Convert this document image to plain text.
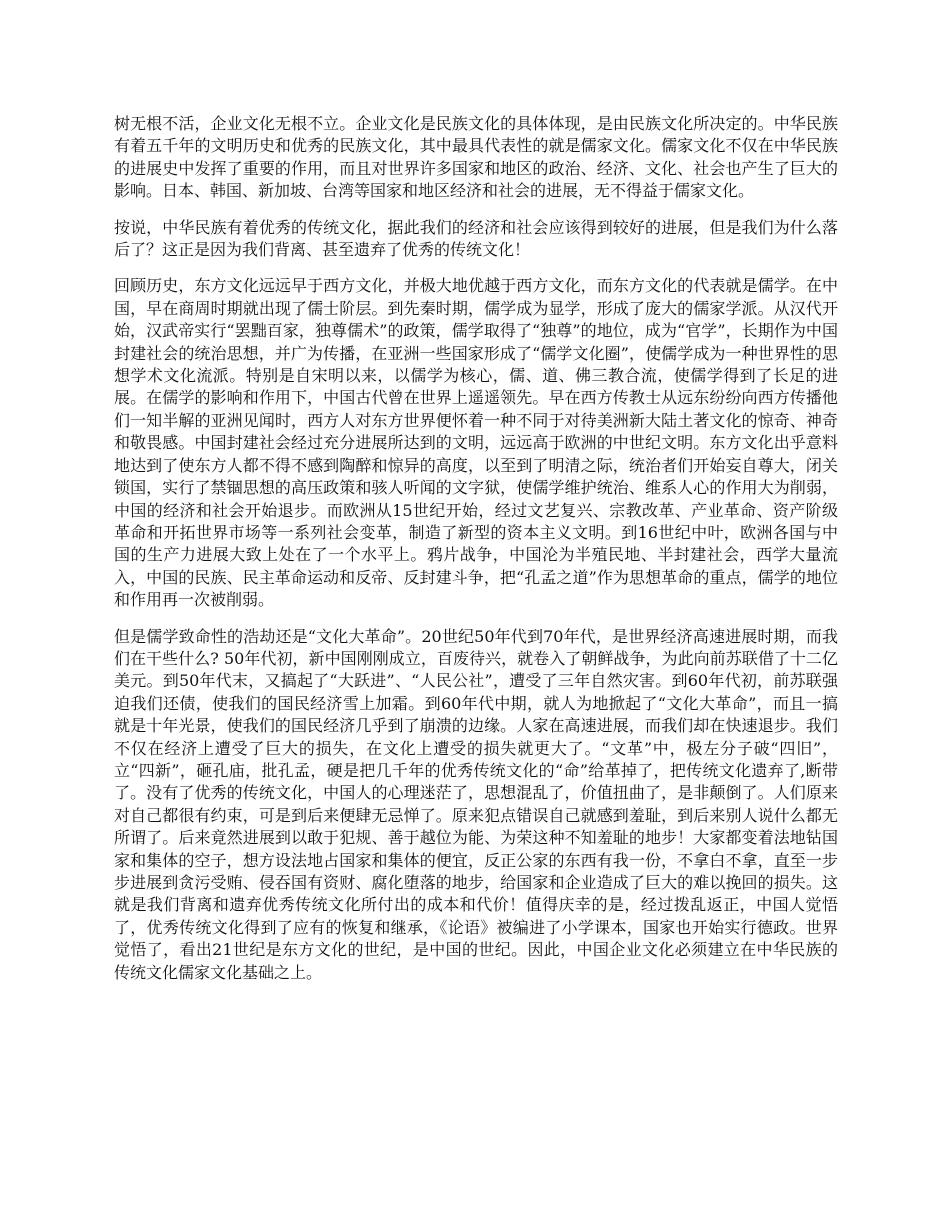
树无根不活，企业文化无根不立。企业文化是民族文化的具体体现，是由民族文化所决定的。中华民族有着五千年的文明历史和优秀的民族文化，其中最具代表性的就是儒家文化。儒家文化不仅在中华民族的进展史中发挥了重要的作用，而且对世界许多国家和地区的政治、经济、文化、社会也产生了巨大的影响。日本、韩国、新加坡、台湾等国家和地区经济和社会的进展，无不得益于儒家文化。

按说，中华民族有着优秀的传统文化，据此我们的经济和社会应该得到较好的进展，但是我们为什么落后了？这正是因为我们背离、甚至遗弃了优秀的传统文化！

回顾历史，东方文化远远早于西方文化，并极大地优越于西方文化，而东方文化的代表就是儒学。在中国，早在商周时期就出现了儒士阶层。到先秦时期，儒学成为显学，形成了庞大的儒家学派。从汉代开始，汉武帝实行“罢黜百家，独尊儒术”的政策，儒学取得了“独尊”的地位，成为“官学”，长期作为中国封建社会的统治思想，并广为传播，在亚洲一些国家形成了“儒学文化圈”，使儒学成为一种世界性的思想学术文化流派。特别是自宋明以来，以儒学为核心，儒、道、佛三教合流，使儒学得到了长足的进展。在儒学的影响和作用下，中国古代曾在世界上遥遥领先。早在西方传教士从远东纷纷向西方传播他们一知半解的亚洲见闻时，西方人对东方世界便怀着一种不同于对待美洲新大陆土著文化的惊奇、神奇和敬畏感。中国封建社会经过充分进展所达到的文明，远远高于欧洲的中世纪文明。东方文化出乎意料地达到了使东方人都不得不感到陶醉和惊异的高度，以至到了明清之际，统治者们开始妄自尊大，闭关锁国，实行了禁锢思想的高压政策和骇人听闻的文字狱，使儒学维护统治、维系人心的作用大为削弱，中国的经济和社会开始退步。而欧洲从15世纪开始，经过文艺复兴、宗教改革、产业革命、资产阶级革命和开拓世界市场等一系列社会变革，制造了新型的资本主义文明。到16世纪中叶，欧洲各国与中国的生产力进展大致上处在了一个水平上。鸦片战争，中国沦为半殖民地、半封建社会，西学大量流入，中国的民族、民主革命运动和反帝、反封建斗争，把“孔孟之道”作为思想革命的重点，儒学的地位和作用再一次被削弱。

但是儒学致命性的浩劫还是“文化大革命”。20世纪50年代到70年代，是世界经济高速进展时期，而我们在干些什么? 50年代初，新中国刚刚成立，百废待兴，就卷入了朝鲜战争，为此向前苏联借了十二亿美元。到50年代末，又搞起了“大跃进”、“人民公社”，遭受了三年自然灾害。到60年代初，前苏联强迫我们还债，使我们的国民经济雪上加霜。到60年代中期，就人为地掀起了“文化大革命”，而且一搞就是十年光景，使我们的国民经济几乎到了崩溃的边缘。人家在高速进展，而我们却在快速退步。我们不仅在经济上遭受了巨大的损失，在文化上遭受的损失就更大了。“文革”中，极左分子破“四旧”，立“四新”，砸孔庙，批孔孟，硬是把几千年的优秀传统文化的“命”给革掉了，把传统文化遗弃了,断带了。没有了优秀的传统文化，中国人的心理迷茫了，思想混乱了，价值扭曲了，是非颠倒了。人们原来对自己都很有约束，可是到后来便肆无忌惮了。原来犯点错误自己就感到羞耻，到后来别人说什么都无所谓了。后来竟然进展到以敢于犯规、善于越位为能、为荣这种不知羞耻的地步！大家都变着法地钻国家和集体的空子，想方设法地占国家和集体的便宜，反正公家的东西有我一份，不拿白不拿，直至一步步进展到贪污受贿、侵吞国有资财、腐化堕落的地步，给国家和企业造成了巨大的难以挽回的损失。这就是我们背离和遗弃优秀传统文化所付出的成本和代价！值得庆幸的是，经过拨乱返正，中国人觉悟了，优秀传统文化得到了应有的恢复和继承，《论语》被编进了小学课本，国家也开始实行德政。世界觉悟了，看出21世纪是东方文化的世纪，是中国的世纪。因此，中国企业文化必须建立在中华民族的传统文化儒家文化基础之上。
